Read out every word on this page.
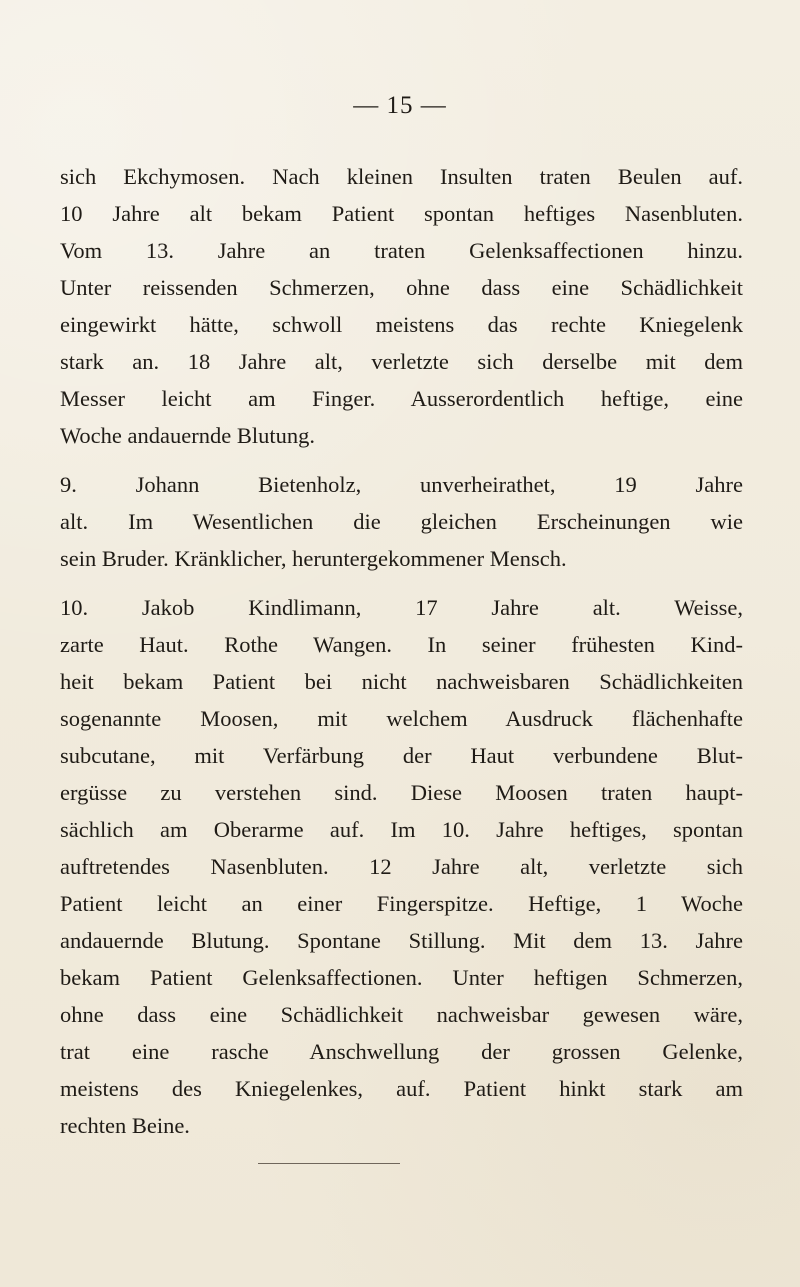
— 15 —
sich Ekchymosen. Nach kleinen Insulten traten Beulen auf.
10 Jahre alt bekam Patient spontan heftiges Nasenbluten.
Vom 13. Jahre an traten Gelenksaffectionen hinzu.
Unter reissenden Schmerzen, ohne dass eine Schädlichkeit
eingewirkt hätte, schwoll meistens das rechte Kniegelenk
stark an. 18 Jahre alt, verletzte sich derselbe mit dem
Messer leicht am Finger. Ausserordentlich heftige, eine
Woche andauernde Blutung.
9. Johann Bietenholz, unverheirathet, 19 Jahre
alt. Im Wesentlichen die gleichen Erscheinungen wie
sein Bruder. Kränklicher, heruntergekommener Mensch.
10. Jakob Kindlimann, 17 Jahre alt. Weisse,
zarte Haut. Rothe Wangen. In seiner frühesten Kind-
heit bekam Patient bei nicht nachweisbaren Schädlichkeiten
sogenannte Moosen, mit welchem Ausdruck flächenhafte
subcutane, mit Verfärbung der Haut verbundene Blut-
ergüsse zu verstehen sind. Diese Moosen traten haupt-
sächlich am Oberarme auf. Im 10. Jahre heftiges, spontan
auftretendes Nasenbluten. 12 Jahre alt, verletzte sich
Patient leicht an einer Fingerspitze. Heftige, 1 Woche
andauernde Blutung. Spontane Stillung. Mit dem 13. Jahre
bekam Patient Gelenksaffectionen. Unter heftigen Schmerzen,
ohne dass eine Schädlichkeit nachweisbar gewesen wäre,
trat eine rasche Anschwellung der grossen Gelenke,
meistens des Kniegelenkes, auf. Patient hinkt stark am
rechten Beine.
